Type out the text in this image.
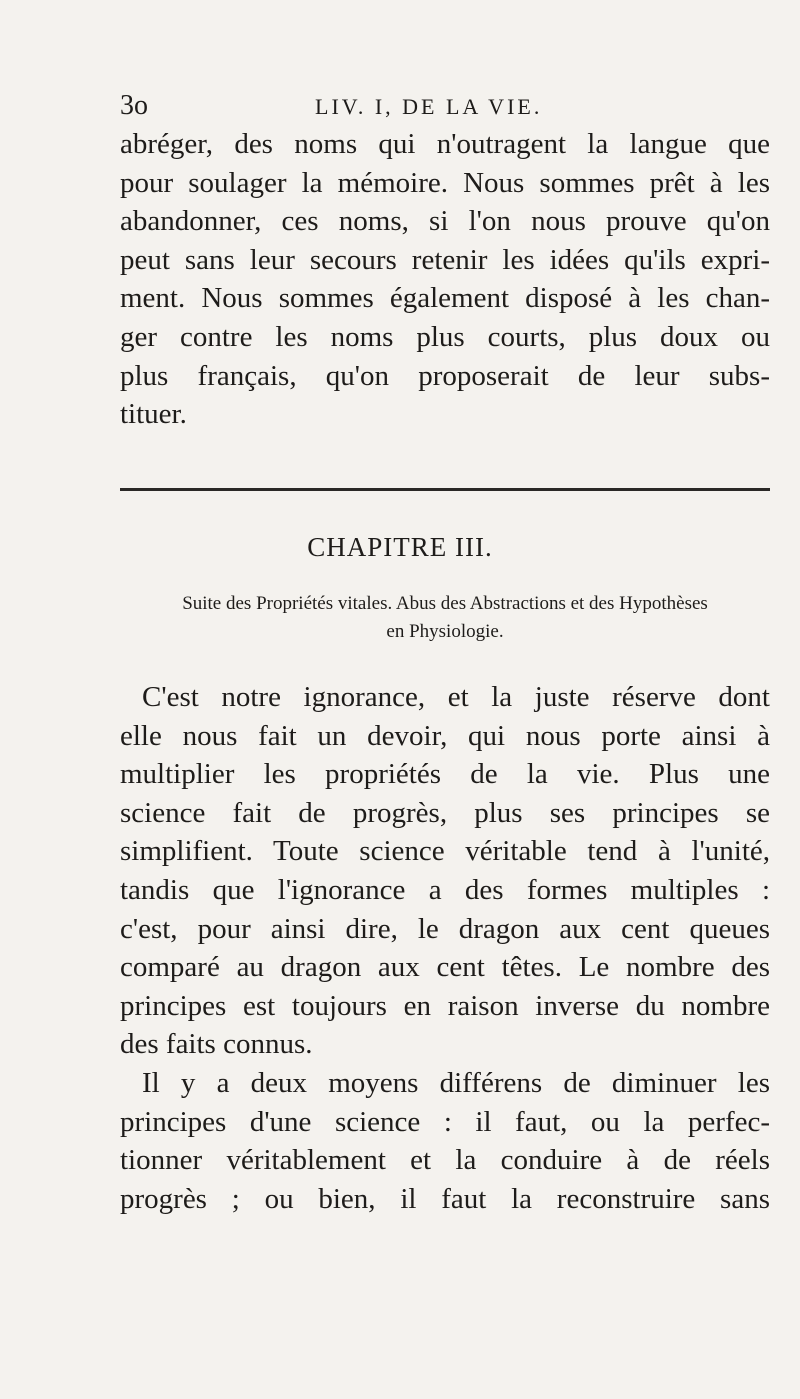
3o	LIV. I, DE LA VIE.
abréger, des noms qui n'outragent la langue que
pour soulager la mémoire. Nous sommes prêt à les
abandonner, ces noms, si l'on nous prouve qu'on
peut sans leur secours retenir les idées qu'ils expri-
ment. Nous sommes également disposé à les chan-
ger contre les noms plus courts, plus doux ou
plus français, qu'on proposerait de leur subs-
tituer.
CHAPITRE III.
Suite des Propriétés vitales. Abus des Abstractions et des Hypothèses
en Physiologie.
C'est notre ignorance, et la juste réserve dont
elle nous fait un devoir, qui nous porte ainsi à
multiplier les propriétés de la vie. Plus une
science fait de progrès, plus ses principes se
simplifient. Toute science véritable tend à l'unité,
tandis que l'ignorance a des formes multiples :
c'est, pour ainsi dire, le dragon aux cent queues
comparé au dragon aux cent têtes. Le nombre des
principes est toujours en raison inverse du nombre
des faits connus.
Il y a deux moyens différens de diminuer les
principes d'une science : il faut, ou la perfec-
tionner véritablement et la conduire à de réels
progrès ; ou bien, il faut la reconstruire sans
